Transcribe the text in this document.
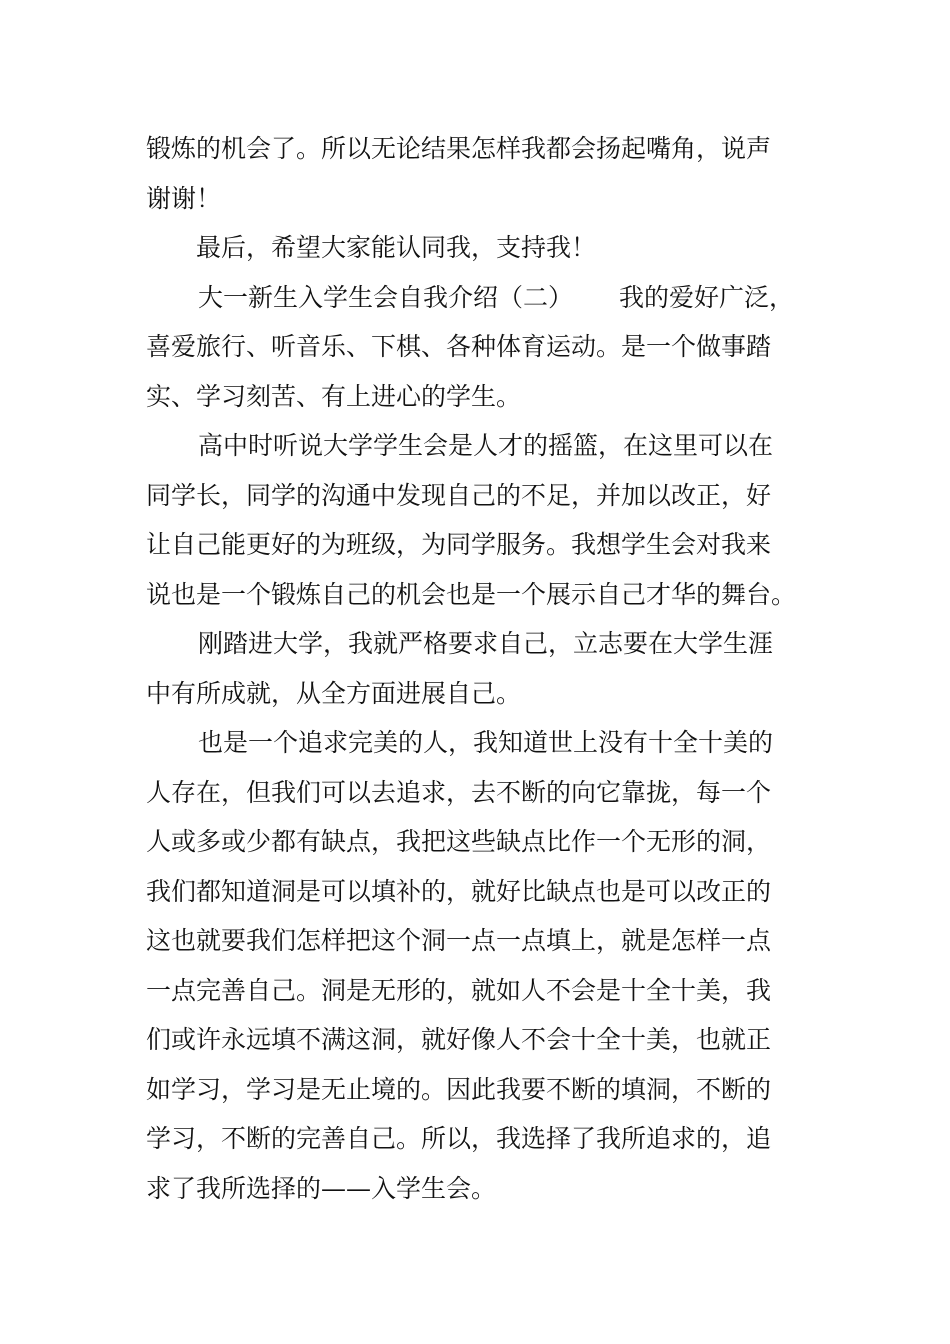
锻炼的机会了。所以无论结果怎样我都会扬起嘴角，说声
谢谢！
最后，希望大家能认同我，支持我！
大一新生入学生会自我介绍（二） 我的爱好广泛，
喜爱旅行、听音乐、下棋、各种体育运动。是一个做事踏
实、学习刻苦、有上进心的学生。
高中时听说大学学生会是人才的摇篮，在这里可以在
同学长，同学的沟通中发现自己的不足，并加以改正，好
让自己能更好的为班级，为同学服务。我想学生会对我来
说也是一个锻炼自己的机会也是一个展示自己才华的舞台。
刚踏进大学，我就严格要求自己，立志要在大学生涯
中有所成就，从全方面进展自己。
也是一个追求完美的人，我知道世上没有十全十美的
人存在，但我们可以去追求，去不断的向它靠拢，每一个
人或多或少都有缺点，我把这些缺点比作一个无形的洞，
我们都知道洞是可以填补的，就好比缺点也是可以改正的
这也就要我们怎样把这个洞一点一点填上，就是怎样一点
一点完善自己。洞是无形的，就如人不会是十全十美，我
们或许永远填不满这洞，就好像人不会十全十美，也就正
如学习，学习是无止境的。因此我要不断的填洞，不断的
学习，不断的完善自己。所以，我选择了我所追求的，追
求了我所选择的——入学生会。
